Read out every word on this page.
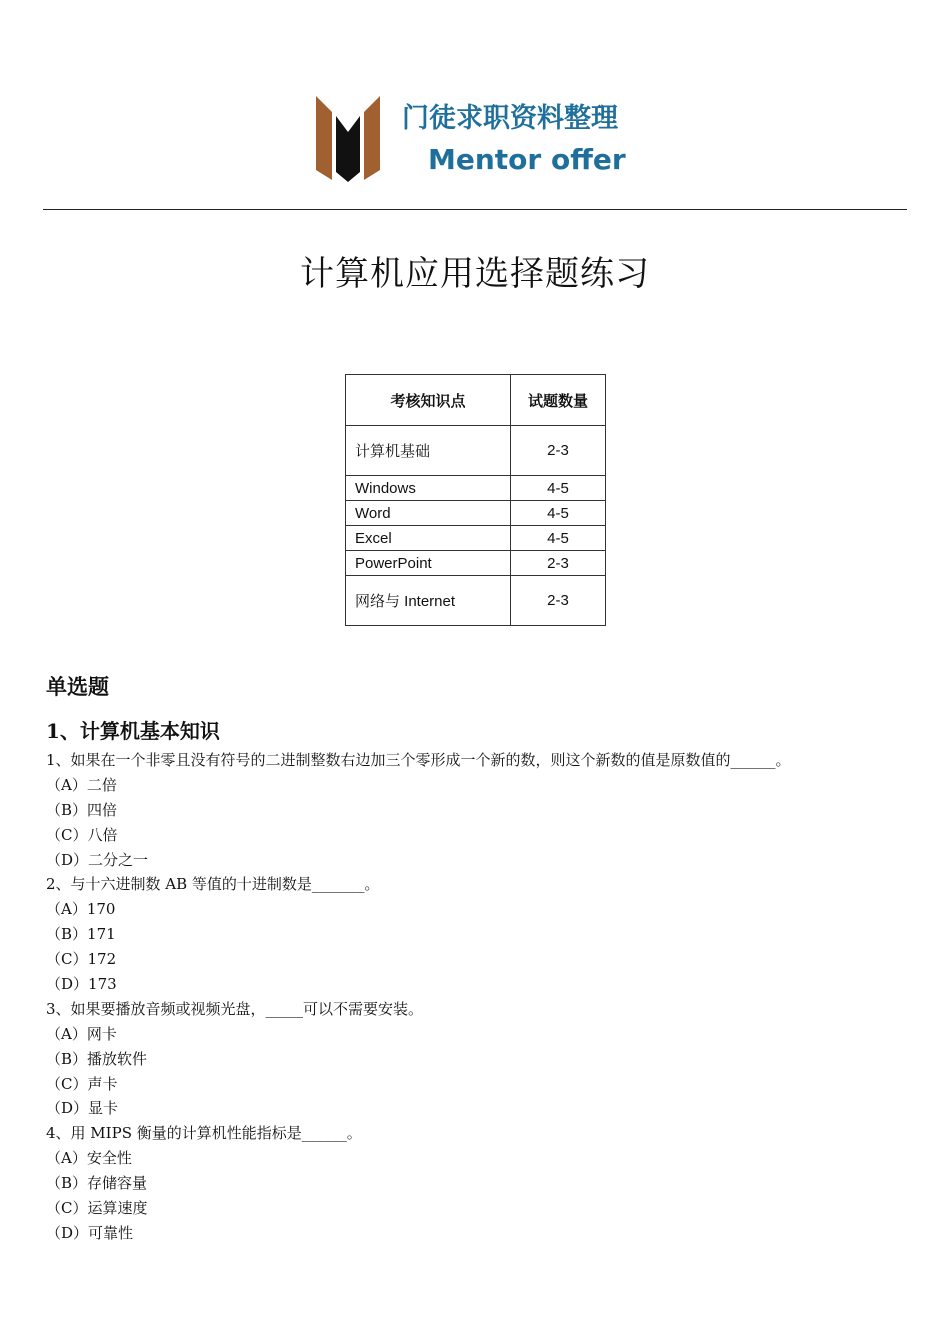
门徒求职资料整理
Mentor offer
计算机应用选择题练习
考核知识点	试题数量
计算机基础	2-3
Windows	4-5
Word	4-5
Excel	4-5
PowerPoint	2-3
网络与 Internet	2-3
单选题
1、计算机基本知识
1、如果在一个非零且没有符号的二进制整数右边加三个零形成一个新的数，则这个新数的值是原数值的______。
（A）二倍
（B）四倍
（C）八倍
（D）二分之一
2、与十六进制数 AB 等值的十进制数是_______。
（A）170
（B）171
（C）172
（D）173
3、如果要播放音频或视频光盘，_____可以不需要安装。
（A）网卡
（B）播放软件
（C）声卡
（D）显卡
4、用 MIPS 衡量的计算机性能指标是______。
（A）安全性
（B）存储容量
（C）运算速度
（D）可靠性
